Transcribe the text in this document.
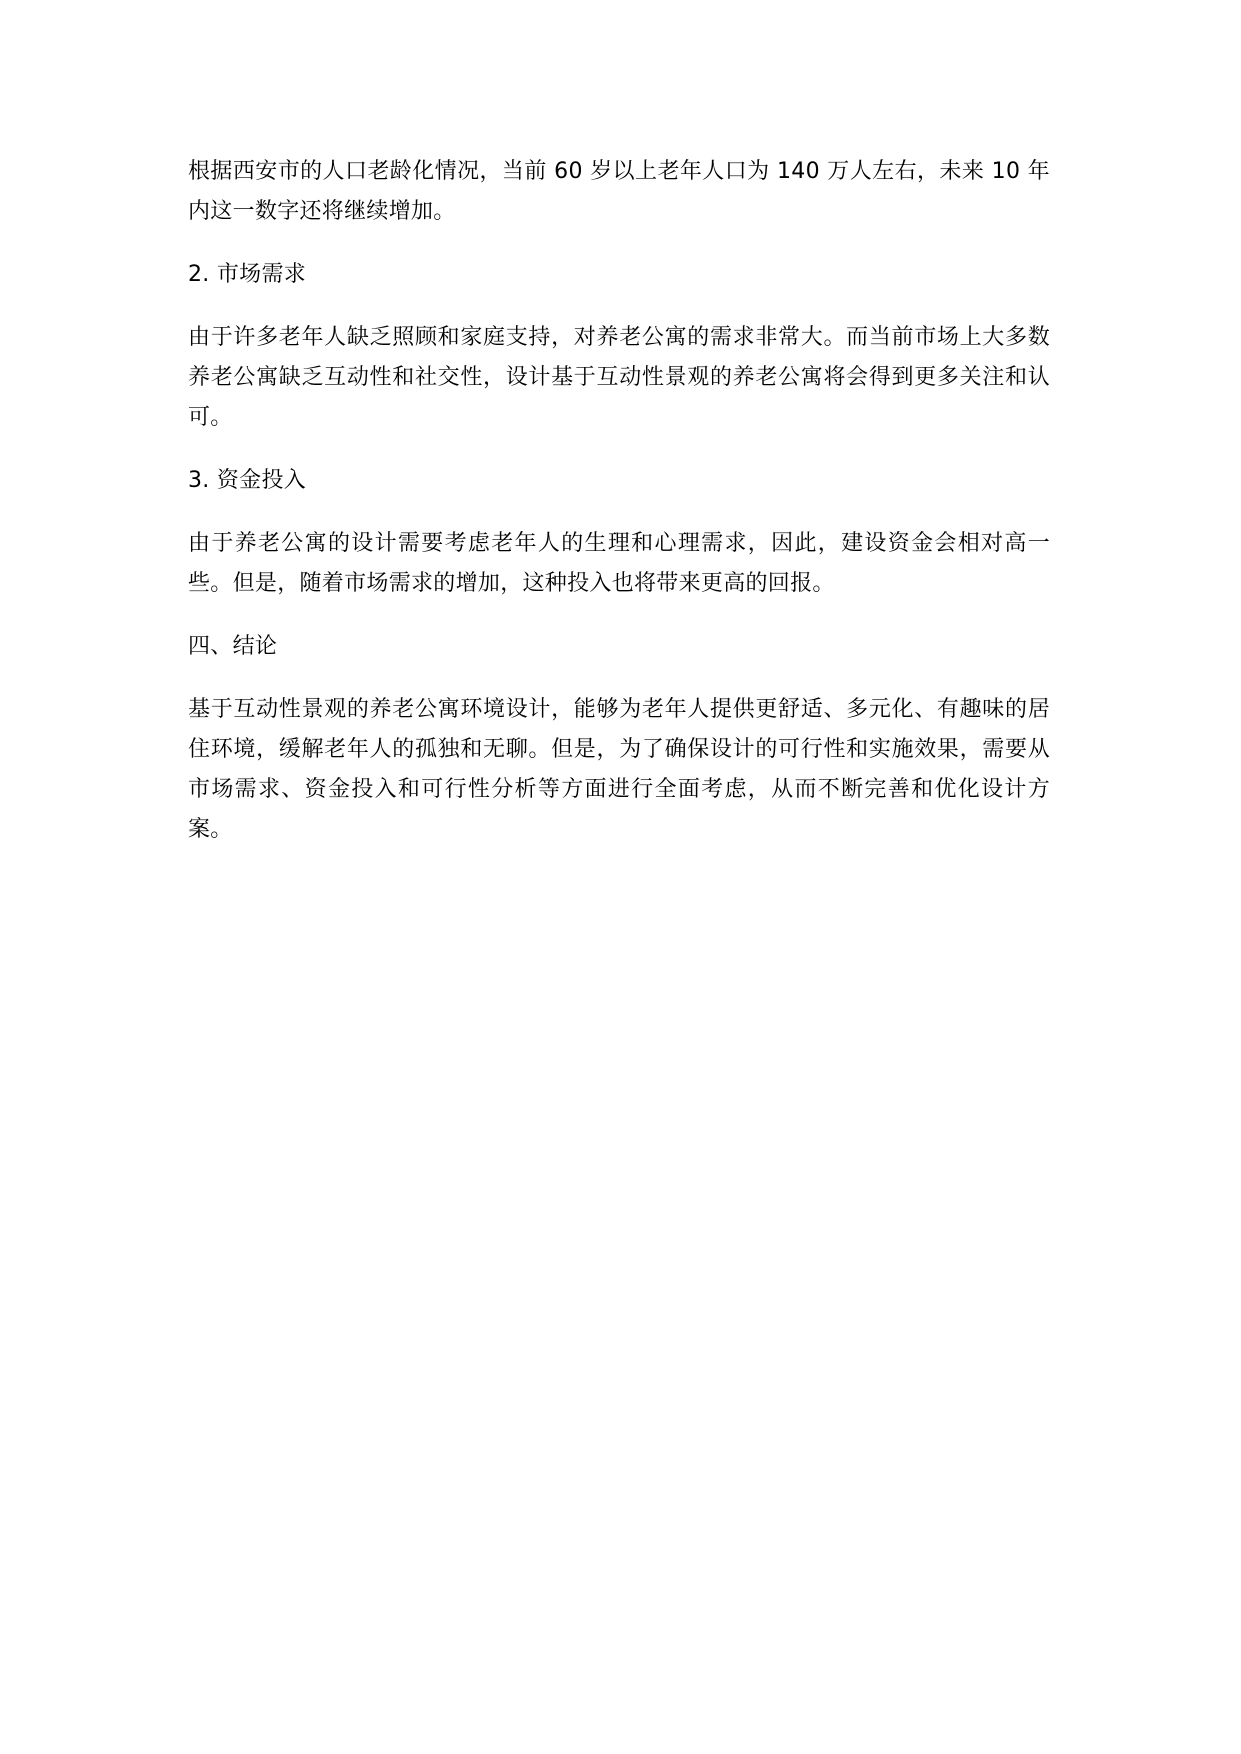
根据西安市的人口老龄化情况，当前 60 岁以上老年人口为 140 万人左右，未来 10 年内这一数字还将继续增加。

2. 市场需求

由于许多老年人缺乏照顾和家庭支持，对养老公寓的需求非常大。而当前市场上大多数养老公寓缺乏互动性和社交性，设计基于互动性景观的养老公寓将会得到更多关注和认可。

3. 资金投入

由于养老公寓的设计需要考虑老年人的生理和心理需求，因此，建设资金会相对高一些。但是，随着市场需求的增加，这种投入也将带来更高的回报。

四、结论

基于互动性景观的养老公寓环境设计，能够为老年人提供更舒适、多元化、有趣味的居住环境，缓解老年人的孤独和无聊。但是，为了确保设计的可行性和实施效果，需要从市场需求、资金投入和可行性分析等方面进行全面考虑，从而不断完善和优化设计方案。
